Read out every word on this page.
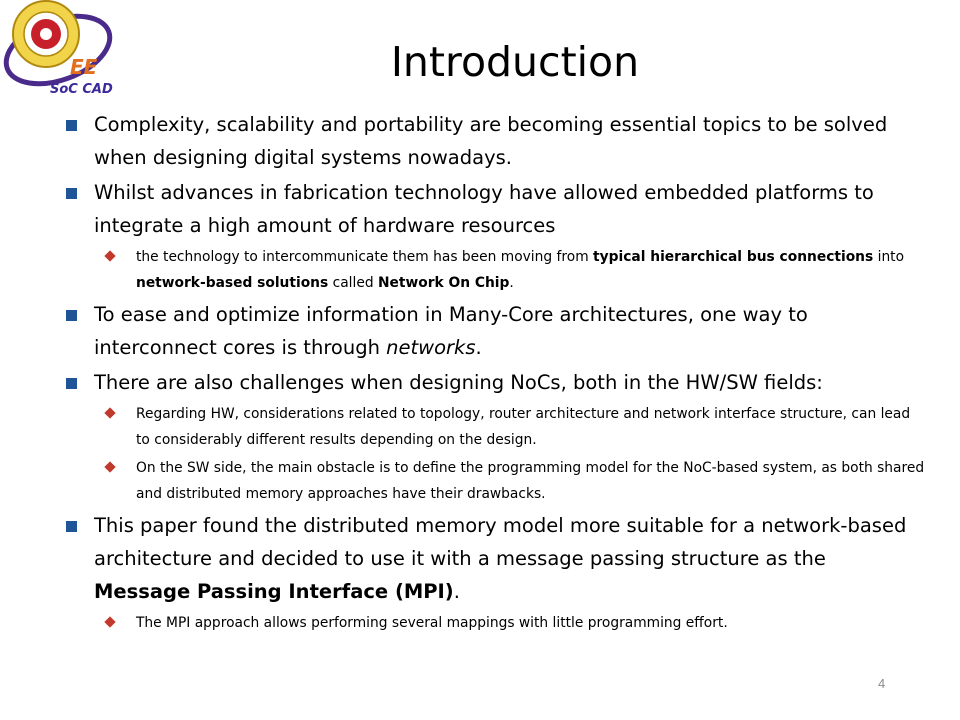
EE
SoC CAD
Introduction
Complexity, scalability and portability are becoming essential topics to be solved when designing digital systems nowadays.
Whilst advances in fabrication technology have allowed embedded platforms to integrate a high amount of hardware resources
the technology to intercommunicate them has been moving from typical hierarchical bus connections into network-based solutions called Network On Chip.
To ease and optimize information in Many-Core architectures, one way to interconnect cores is through networks.
There are also challenges when designing NoCs, both in the HW/SW fields:
Regarding HW, considerations related to topology, router architecture and network interface structure, can lead to considerably different results depending on the design.
On the SW side, the main obstacle is to define the programming model for the NoC-based system, as both shared and distributed memory approaches have their drawbacks.
This paper found the distributed memory model more suitable for a network-based architecture and decided to use it with a message passing structure as the Message Passing Interface (MPI).
The MPI approach allows performing several mappings with little programming effort.
4
